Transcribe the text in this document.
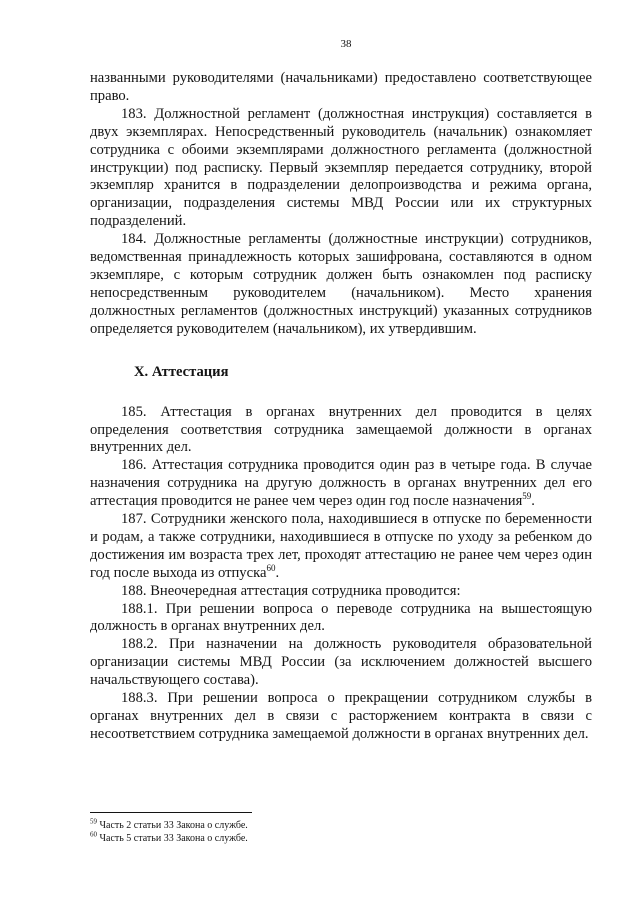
38

названными руководителями (начальниками) предоставлено соответствующее право.

183. Должностной регламент (должностная инструкция) составляется в двух экземплярах. Непосредственный руководитель (начальник) ознакомляет сотрудника с обоими экземплярами должностного регламента (должностной инструкции) под расписку. Первый экземпляр передается сотруднику, второй экземпляр хранится в подразделении делопроизводства и режима органа, организации, подразделения системы МВД России или их структурных подразделений.

184. Должностные регламенты (должностные инструкции) сотрудников, ведомственная принадлежность которых зашифрована, составляются в одном экземпляре, с которым сотрудник должен быть ознакомлен под расписку непосредственным руководителем (начальником). Место хранения должностных регламентов (должностных инструкций) указанных сотрудников определяется руководителем (начальником), их утвердившим.

X. Аттестация

185. Аттестация в органах внутренних дел проводится в целях определения соответствия сотрудника замещаемой должности в органах внутренних дел.

186. Аттестация сотрудника проводится один раз в четыре года. В случае назначения сотрудника на другую должность в органах внутренних дел его аттестация проводится не ранее чем через один год после назначения$^{59}$.

187. Сотрудники женского пола, находившиеся в отпуске по беременности и родам, а также сотрудники, находившиеся в отпуске по уходу за ребенком до достижения им возраста трех лет, проходят аттестацию не ранее чем через один год после выхода из отпуска$^{60}$.

188. Внеочередная аттестация сотрудника проводится:

188.1. При решении вопроса о переводе сотрудника на вышестоящую должность в органах внутренних дел.

188.2. При назначении на должность руководителя образовательной организации системы МВД России (за исключением должностей высшего начальствующего состава).

188.3. При решении вопроса о прекращении сотрудником службы в органах внутренних дел в связи с расторжением контракта в связи с несоответствием сотрудника замещаемой должности в органах внутренних дел.

$^{59}$ Часть 2 статьи 33 Закона о службе.

$^{60}$ Часть 5 статьи 33 Закона о службе.
